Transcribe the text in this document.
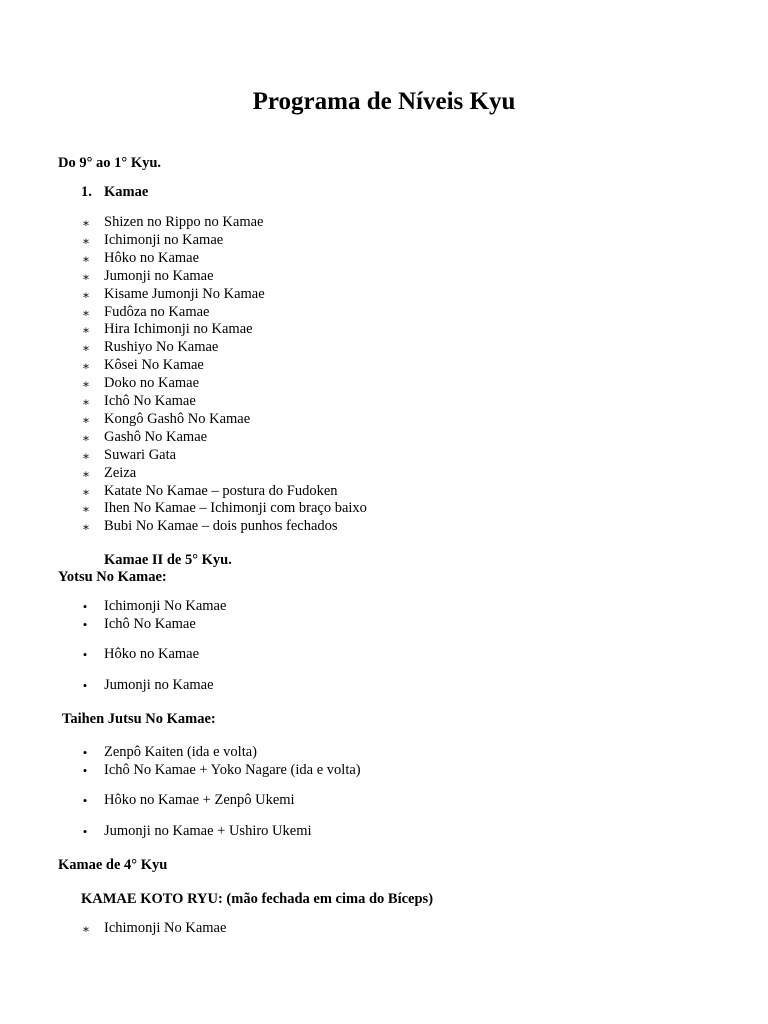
Programa de Níveis Kyu
Do 9° ao 1° Kyu.
1. Kamae
∗ Shizen no Rippo no Kamae
∗ Ichimonji no Kamae
∗ Hôko no Kamae
∗ Jumonji no Kamae
∗ Kisame Jumonji No Kamae
∗ Fudôza no Kamae
∗ Hira Ichimonji no Kamae
∗ Rushiyo No Kamae
∗ Kôsei No Kamae
∗ Doko no Kamae
∗ Ichô No Kamae
∗ Kongô Gashô No Kamae
∗ Gashô No Kamae
∗ Suwari Gata
∗ Zeiza
∗ Katate No Kamae – postura do Fudoken
∗ Ihen No Kamae – Ichimonji com braço baixo
∗ Bubi No Kamae – dois punhos fechados
Kamae II de 5° Kyu.
Yotsu No Kamae:
• Ichimonji No Kamae
• Ichô No Kamae
• Hôko no Kamae
• Jumonji no Kamae
Taihen Jutsu No Kamae:
• Zenpô Kaiten (ida e volta)
• Ichô No Kamae + Yoko Nagare (ida e volta)
• Hôko no Kamae + Zenpô Ukemi
• Jumonji no Kamae + Ushiro Ukemi
Kamae de 4° Kyu
KAMAE KOTO RYU: (mão fechada em cima do Bíceps)
∗ Ichimonji No Kamae
